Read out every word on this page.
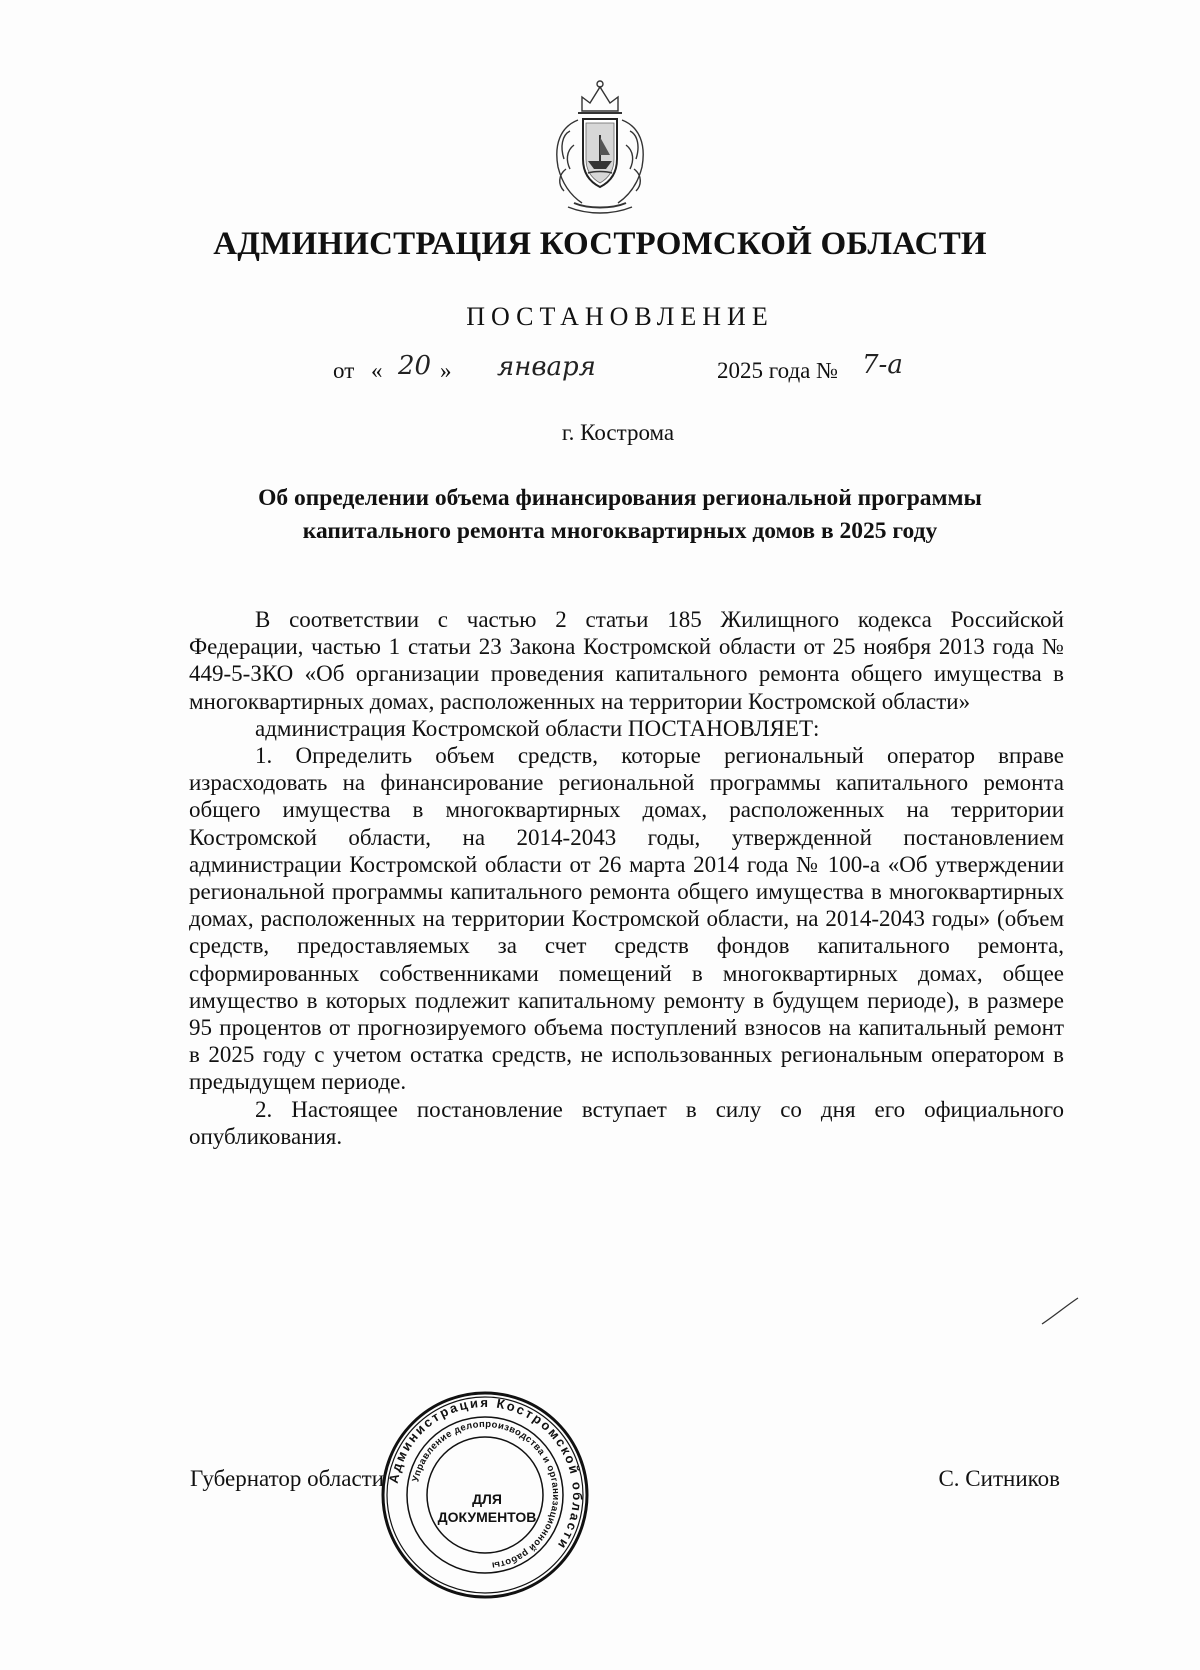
АДМИНИСТРАЦИЯ КОСТРОМСКОЙ ОБЛАСТИ
ПОСТАНОВЛЕНИЕ
от « 20 » января	2025 года № 7-а
г. Кострома
Об определении объема финансирования региональной программы
капитального ремонта многоквартирных домов в 2025 году

В соответствии с частью 2 статьи 185 Жилищного кодекса Российской Федерации, частью 1 статьи 23 Закона Костромской области от 25 ноября 2013 года № 449-5-ЗКО «Об организации проведения капитального ремонта общего имущества в многоквартирных домах, расположенных на территории Костромской области»

администрация Костромской области ПОСТАНОВЛЯЕТ:

1. Определить объем средств, которые региональный оператор вправе израсходовать на финансирование региональной программы капитального ремонта общего имущества в многоквартирных домах, расположенных на территории Костромской области, на 2014-2043 годы, утвержденной постановлением администрации Костромской области от 26 марта 2014 года № 100-а «Об утверждении региональной программы капитального ремонта общего имущества в многоквартирных домах, расположенных на территории Костромской области, на 2014-2043 годы» (объем средств, предоставляемых за счет средств фондов капитального ремонта, сформированных собственниками помещений в многоквартирных домах, общее имущество в которых подлежит капитальному ремонту в будущем периоде), в размере 95 процентов от прогнозируемого объема поступлений взносов на капитальный ремонт в 2025 году с учетом остатка средств, не использованных региональным оператором в предыдущем периоде.

2. Настоящее постановление вступает в силу со дня его официального опубликования.

Губернатор области	С. Ситников
Администрация Костромской области
Управление делопроизводства и организационной работы
ДЛЯ
ДОКУМЕНТОВ
